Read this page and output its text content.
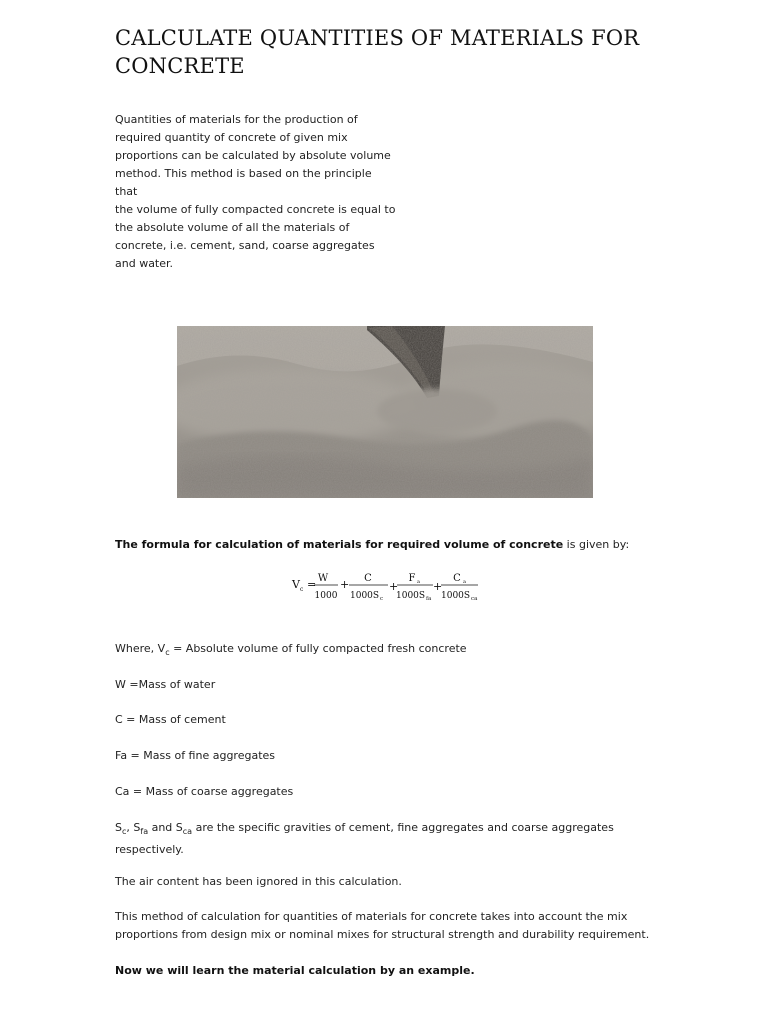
CALCULATE QUANTITIES OF MATERIALS FOR CONCRETE
Quantities of materials for the production of
required quantity of concrete of given mix
proportions can be calculated by absolute volume
method. This method is based on the principle that
the volume of fully compacted concrete is equal to
the absolute volume of all the materials of
concrete, i.e. cement, sand, coarse aggregates
and water.

The formula for calculation of materials for required volume of concrete is given by:

V c = W
1000
+ C
1000S c
+
F a
1000S fa
+
C a
1000S ca

Where, $V_c$ = Absolute volume of fully compacted fresh concrete

W =Mass of water

C = Mass of cement

Fa = Mass of fine aggregates

Ca = Mass of coarse aggregates

$S_c$, $S_{fa}$ and $S_{ca}$ are the specific gravities of cement, fine aggregates and coarse aggregates
respectively.

The air content has been ignored in this calculation.

This method of calculation for quantities of materials for concrete takes into account the mix
proportions from design mix or nominal mixes for structural strength and durability requirement.

Now we will learn the material calculation by an example.
